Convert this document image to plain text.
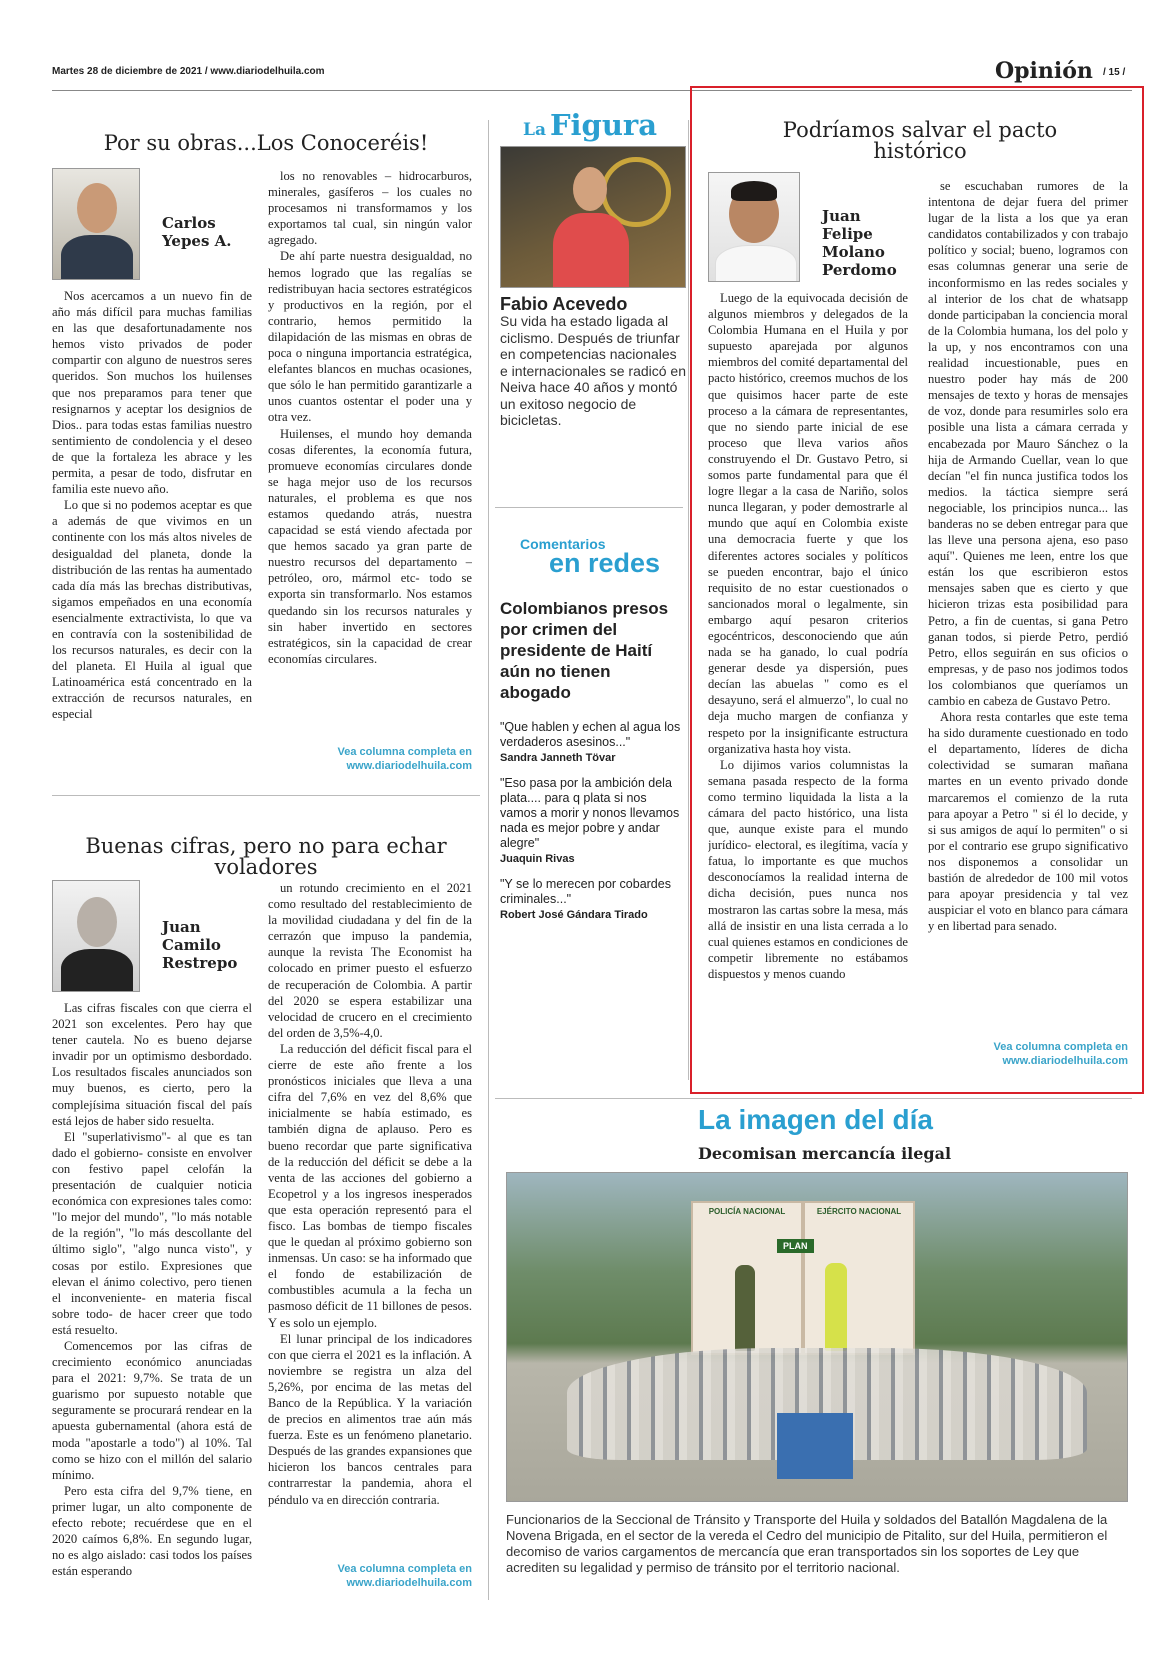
Martes 28 de diciembre de 2021 / www.diariodelhuila.com	Opinión / 15 /
Por su obras...Los Conoceréis!
Carlos
Yepes A.

Nos acercamos a un nuevo fin de año más difícil para muchas familias en las que desafortunadamente nos hemos visto privados de poder compartir con alguno de nuestros seres queridos. Son muchos los huilenses que nos preparamos para tener que resignarnos y aceptar los designios de Dios.. para todas estas familias nuestro sentimiento de condolencia y el deseo de que la fortaleza les abrace y les permita, a pesar de todo, disfrutar en familia este nuevo año.

Lo que si no podemos aceptar es que a además de que vivimos en un continente con los más altos niveles de desigualdad del planeta, donde la distribución de las rentas ha aumentado cada día más las brechas distributivas, sigamos empeñados en una economía esencialmente extractivista, lo que va en contravía con la sostenibilidad de los recursos naturales, es decir con la del planeta. El Huila al igual que Latinoamérica está concentrado en la extracción de recursos naturales, en especial

los no renovables – hidrocarburos, minerales, gasíferos – los cuales no procesamos ni transformamos y los exportamos tal cual, sin ningún valor agregado.

De ahí parte nuestra desigualdad, no hemos logrado que las regalías se redistribuyan hacia sectores estratégicos y productivos en la región, por el contrario, hemos permitido la dilapidación de las mismas en obras de poca o ninguna importancia estratégica, elefantes blancos en muchas ocasiones, que sólo le han permitido garantizarle a unos cuantos ostentar el poder una y otra vez.

Huilenses, el mundo hoy demanda cosas diferentes, la economía futura, promueve economías circulares donde se haga mejor uso de los recursos naturales, el problema es que nos estamos quedando atrás, nuestra capacidad se está viendo afectada por que hemos sacado ya gran parte de nuestro recursos del departamento – petróleo, oro, mármol etc- todo se exporta sin transformarlo. Nos estamos quedando sin los recursos naturales y sin haber invertido en sectores estratégicos, sin la capacidad de crear economías circulares.

Vea columna completa en
www.diariodelhuila.com
Buenas cifras, pero no para echar voladores
Juan
Camilo
Restrepo

Las cifras fiscales con que cierra el 2021 son excelentes. Pero hay que tener cautela. No es bueno dejarse invadir por un optimismo desbordado. Los resultados fiscales anunciados son muy buenos, es cierto, pero la complejísima situación fiscal del país está lejos de haber sido resuelta.

El "superlativismo"- al que es tan dado el gobierno- consiste en envolver con festivo papel celofán la presentación de cualquier noticia económica con expresiones tales como: "lo mejor del mundo", "lo más notable de la región", "lo más descollante del último siglo", "algo nunca visto", y cosas por estilo. Expresiones que elevan el ánimo colectivo, pero tienen el inconveniente- en materia fiscal sobre todo- de hacer creer que todo está resuelto.

Comencemos por las cifras de crecimiento económico anunciadas para el 2021: 9,7%. Se trata de un guarismo por supuesto notable que seguramente se procurará rendear en la apuesta gubernamental (ahora está de moda "apostarle a todo") al 10%. Tal como se hizo con el millón del salario mínimo.

Pero esta cifra del 9,7% tiene, en primer lugar, un alto componente de efecto rebote; recuérdese que en el 2020 caímos 6,8%. En segundo lugar, no es algo aislado: casi todos los países están esperando

un rotundo crecimiento en el 2021 como resultado del restablecimiento de la movilidad ciudadana y del fin de la cerrazón que impuso la pandemia, aunque la revista The Economist ha colocado en primer puesto el esfuerzo de recuperación de Colombia. A partir del 2020 se espera estabilizar una velocidad de crucero en el crecimiento del orden de 3,5%-4,0.

La reducción del déficit fiscal para el cierre de este año frente a los pronósticos iniciales que lleva a una cifra del 7,6% en vez del 8,6% que inicialmente se había estimado, es también digna de aplauso. Pero es bueno recordar que parte significativa de la reducción del déficit se debe a la venta de las acciones del gobierno a Ecopetrol y a los ingresos inesperados que esta operación representó para el fisco. Las bombas de tiempo fiscales que le quedan al próximo gobierno son inmensas. Un caso: se ha informado que el fondo de estabilización de combustibles acumula a la fecha un pasmoso déficit de 11 billones de pesos. Y es solo un ejemplo.

El lunar principal de los indicadores con que cierra el 2021 es la inflación. A noviembre se registra un alza del 5,26%, por encima de las metas del Banco de la República. Y la variación de precios en alimentos trae aún más fuerza. Este es un fenómeno planetario. Después de las grandes expansiones que hicieron los bancos centrales para contrarrestar la pandemia, ahora el péndulo va en dirección contraria.

Vea columna completa en
www.diariodelhuila.com
La Figura
Fabio Acevedo
Su vida ha estado ligada al ciclismo. Después de triunfar en competencias nacionales e internacionales se radicó en Neiva hace 40 años y montó un exitoso negocio de bicicletas.
Comentarios
en redes
Colombianos presos por crimen del presidente de Haití aún no tienen abogado
"Que hablen y echen al agua los verdaderos asesinos..."
Sandra Janneth Tövar
"Eso pasa por la ambición dela plata.... para q plata si nos vamos a morir y nonos llevamos nada es mejor pobre y andar alegre"
Juaquin Rivas
"Y se lo merecen por cobardes criminales..."
Robert José Gándara Tirado
Podríamos salvar el pacto histórico
Juan
Felipe
Molano
Perdomo

Luego de la equivocada decisión de algunos miembros y delegados de la Colombia Humana en el Huila y por supuesto aparejada por algunos miembros del comité departamental del pacto histórico, creemos muchos de los que quisimos hacer parte de este proceso a la cámara de representantes, que no siendo parte inicial de ese proceso que lleva varios años construyendo el Dr. Gustavo Petro, si somos parte fundamental para que él logre llegar a la casa de Nariño, solos nunca llegaran, y poder demostrarle al mundo que aquí en Colombia existe una democracia fuerte y que los diferentes actores sociales y políticos se pueden encontrar, bajo el único requisito de no estar cuestionados o sancionados moral o legalmente, sin embargo aquí pesaron criterios egocéntricos, desconociendo que aún nada se ha ganado, lo cual podría generar desde ya dispersión, pues decían las abuelas " como es el desayuno, será el almuerzo", lo cual no deja mucho margen de confianza y respeto por la insignificante estructura organizativa hasta hoy vista.

Lo dijimos varios columnistas la semana pasada respecto de la forma como termino liquidada la lista a la cámara del pacto histórico, una lista que, aunque existe para el mundo jurídico- electoral, es ilegítima, vacía y fatua, lo importante es que muchos desconocíamos la realidad interna de dicha decisión, pues nunca nos mostraron las cartas sobre la mesa, más allá de insistir en una lista cerrada a lo cual quienes estamos en condiciones de competir libremente no estábamos dispuestos y menos cuando

se escuchaban rumores de la intentona de dejar fuera del primer lugar de la lista a los que ya eran candidatos contabilizados y con trabajo político y social; bueno, logramos con esas columnas generar una serie de inconformismo en las redes sociales y al interior de los chat de whatsapp donde participaban la conciencia moral de la Colombia humana, los del polo y la up, y nos encontramos con una realidad incuestionable, pues en nuestro poder hay más de 200 mensajes de texto y horas de mensajes de voz, donde para resumirles solo era posible una lista a cámara cerrada y encabezada por Mauro Sánchez o la hija de Armando Cuellar, vean lo que decían "el fin nunca justifica todos los medios. la táctica siempre será negociable, los principios nunca... las banderas no se deben entregar para que las lleve una persona ajena, eso paso aquí". Quienes me leen, entre los que están los que escribieron estos mensajes saben que es cierto y que hicieron trizas esta posibilidad para Petro, a fin de cuentas, si gana Petro ganan todos, si pierde Petro, perdió Petro, ellos seguirán en sus oficios o empresas, y de paso nos jodimos todos los colombianos que queríamos un cambio en cabeza de Gustavo Petro.

Ahora resta contarles que este tema ha sido duramente cuestionado en todo el departamento, líderes de dicha colectividad se sumaran mañana martes en un evento privado donde marcaremos el comienzo de la ruta para apoyar a Petro " si él lo decide, y si sus amigos de aquí lo permiten" o si por el contrario ese grupo significativo nos disponemos a consolidar un bastión de alrededor de 100 mil votos para apoyar presidencia y tal vez auspiciar el voto en blanco para cámara y en libertad para senado.

Vea columna completa en
www.diariodelhuila.com
La imagen del día
Decomisan mercancía ilegal
POLICÍA NACIONAL	EJÉRCITO NACIONAL
PLAN
Funcionarios de la Seccional de Tránsito y Transporte del Huila y soldados del Batallón Magdalena de la Novena Brigada, en el sector de la vereda el Cedro del municipio de Pitalito, sur del Huila, permitieron el decomiso de varios cargamentos de mercancía que eran transportados sin los soportes de Ley que acrediten su legalidad y permiso de tránsito por el territorio nacional.
